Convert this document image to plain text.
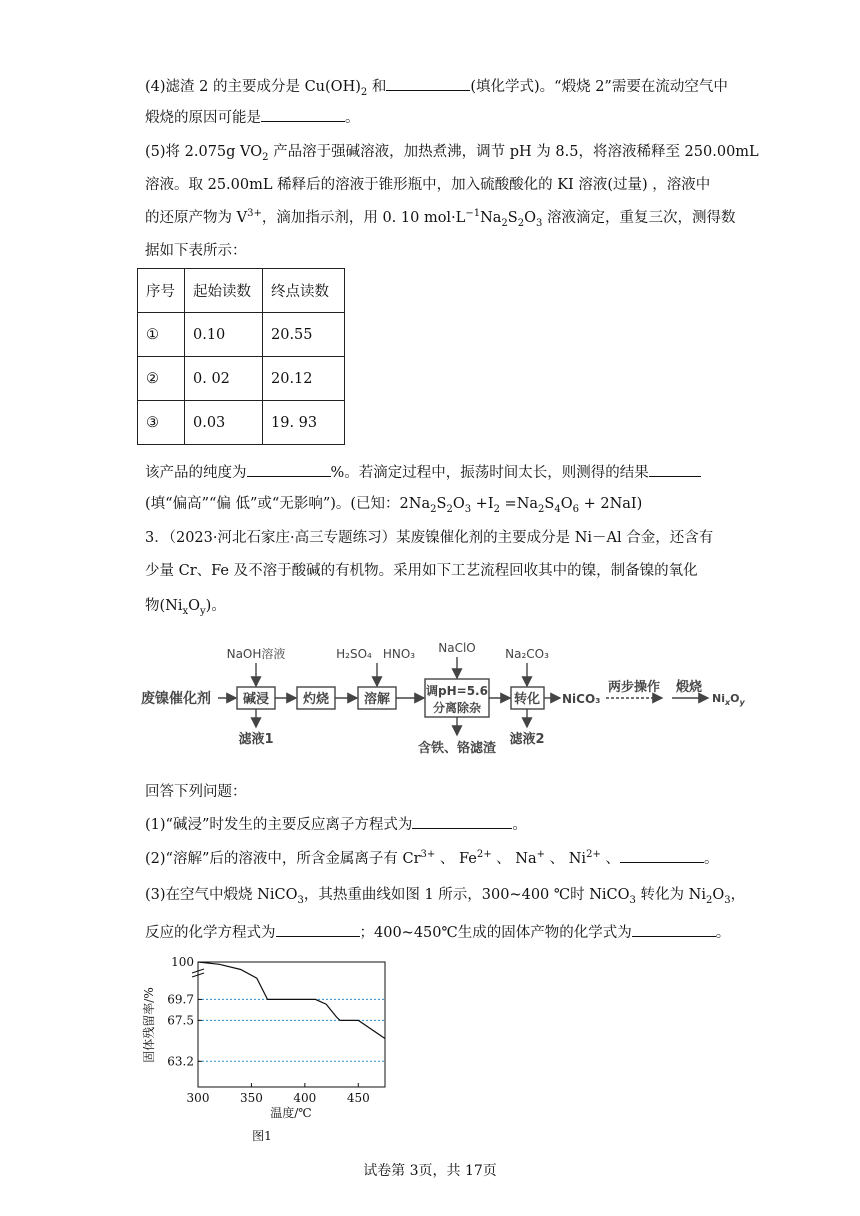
(4)滤渣 2 的主要成分是 $Cu(OH)_2$ 和	(填化学式)。“煅烧 2”需要在流动空气中
煅烧的原因可能是	。
(5)将 2.075g $VO_2$ 产品溶于强碱溶液，加热煮沸，调节 pH 为 8.5，将溶液稀释至 250.00mL
溶液。取 25.00mL 稀释后的溶液于锥形瓶中，加入硫酸酸化的 KI 溶液(过量) ，溶液中
的还原产物为 $V^{3+}$，滴加指示剂，用 0. 10 $mol\cdot L^{-1}Na_2S_2O_3$ 溶液滴定，重复三次，测得数
据如下表所示：
序号	起始读数	终点读数
①	0.10	20.55
②	0. 02	20.12
③	0.03	19. 93
该产品的纯度为	%。若滴定过程中，振荡时间太长，则测得的结果
(填“偏高”“偏 低”或“无影响”)。(已知：$2Na_2S_2O_3 +I_2 =Na_2S_4O_6 + 2NaI$)
3．（2023·河北石家庄·高三专题练习）某废镍催化剂的主要成分是 Ni－Al 合金，还含有
少量 Cr、Fe 及不溶于酸碱的有机物。采用如下工艺流程回收其中的镍，制备镍的氧化
物$(Ni_xO_y)$。
废镍催化剂 碱浸	灼烧	溶解
调pH=5.6
分离除杂
转化
NaOH溶液	H₂SO₄ HNO₃ NaClO Na₂CO₃
滤液1
含铁、铬滤渣
滤液2
NiCO₃
两步操作 煅烧
$Ni_xO_y$
回答下列问题：
(1)“碱浸”时发生的主要反应离子方程式为	。
(2)“溶解”后的溶液中，所含金属离子有 $Cr^{3+}$ 、 $Fe^{2+}$ 、 Na+ 、 $Ni^{2+}$ 、	。
(3)在空气中煅烧 NiCO$_3$，其热重曲线如图 1 所示，300~400 ℃时 NiCO$_3$ 转化为 $Ni_2O_3$，
反应的化学方程式为	；400~450℃生成的固体产物的化学式为	。
100
69.7
67.5
63.2
300	350	400	450
固体残留率/%
温度/℃
图1
试卷第 3页，共 17页
